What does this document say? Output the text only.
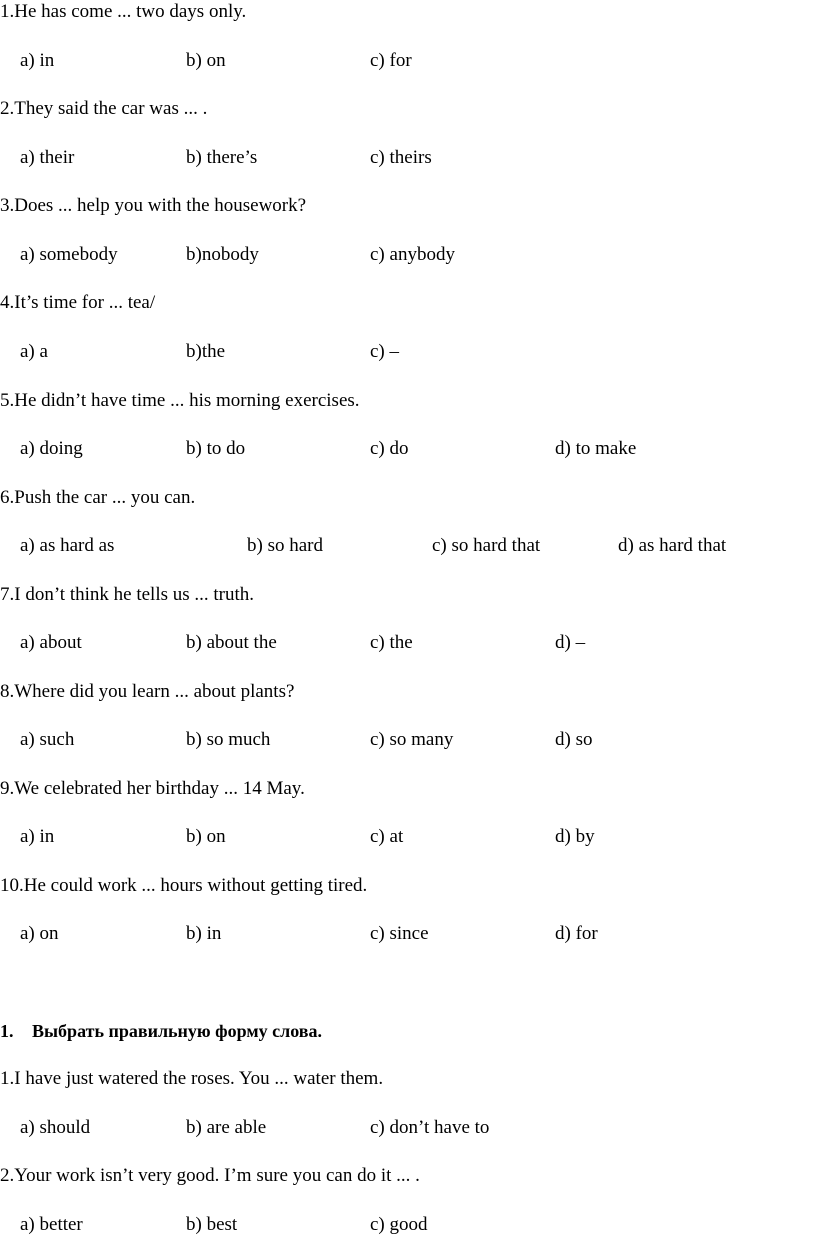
1.He has come ... two days only.
a) in	b) on	c) for
2.They said the car was ... .
a) their	b) there’s	c) theirs
3.Does ... help you with the housework?
a) somebody	b)nobody	c) anybody
4.It’s time for ... tea/
a) a	b)the	c) –
5.He didn’t have time ... his morning exercises.
a) doing	b) to do	c) do	d) to make
6.Push the car ... you can.
a) as hard as	b) so hard	c) so hard that	d) as hard that
7.I don’t think he tells us ... truth.
a) about	b) about the	c) the	d) –
8.Where did you learn ... about plants?
a) such	b) so much	c) so many	d) so
9.We celebrated her birthday ... 14 May.
a) in	b) on	c) at	d) by
10.He could work ... hours without getting tired.
a) on	b) in	c) since	d) for
1. Выбрать правильную форму слова.
1.I have just watered the roses. You ... water them.
a) should	b) are able	c) don’t have to
2.Your work isn’t very good. I’m sure you can do it ... .
a) better	b) best	c) good
